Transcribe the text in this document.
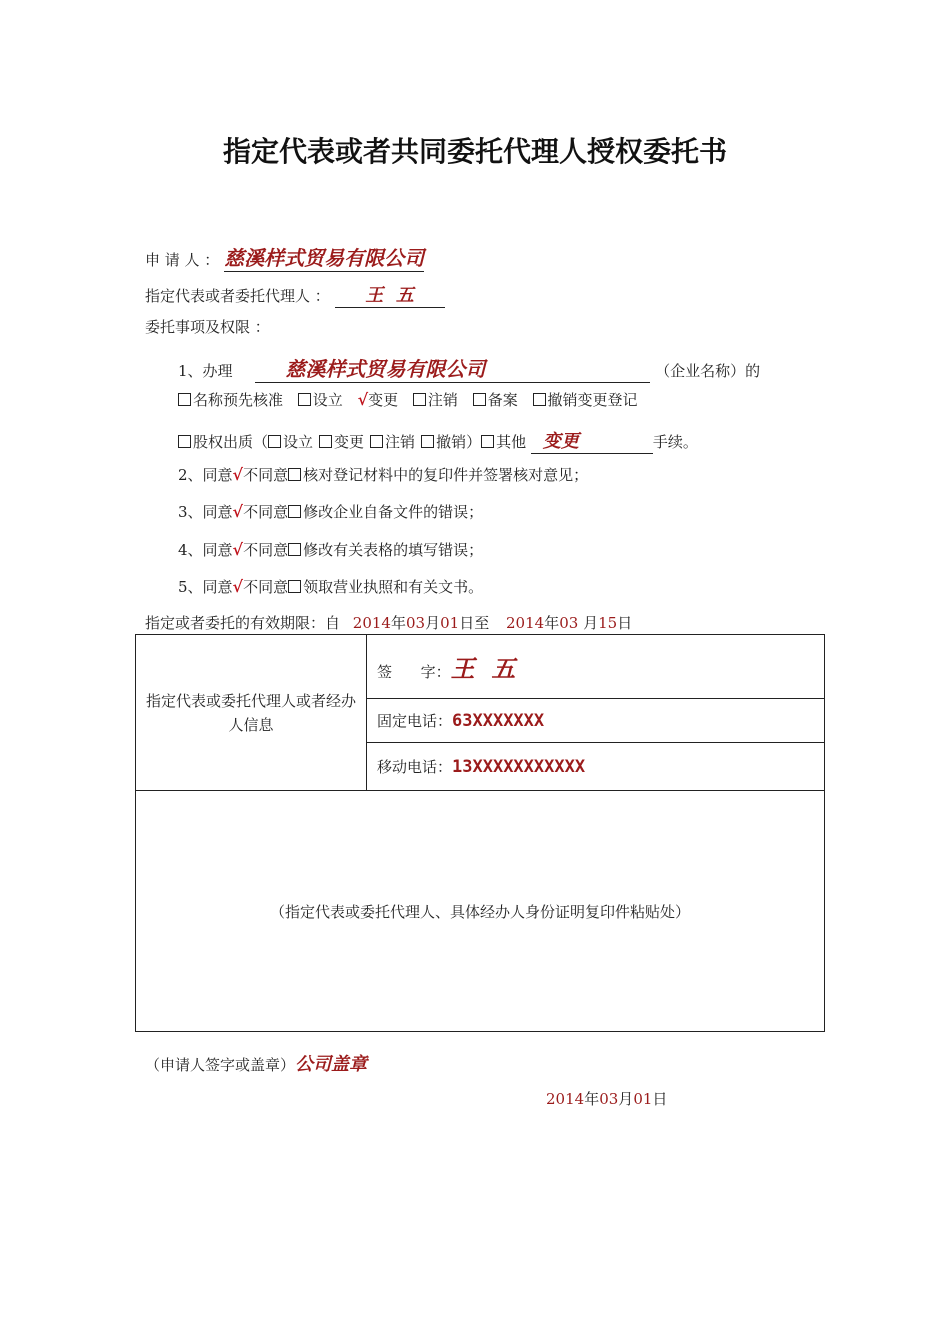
指定代表或者共同委托代理人授权委托书
申 请 人 ： 慈溪样式贸易有限公司
指定代表或者委托代理人 ： 王  五
委托事项及权限 ：
1、办理	慈溪样式贸易有限公司	（企业名称）的
名称预先核准 设立 √变更 注销 备案 撤销变更登记
股权出质（ 设立 变更 注销 撤销） 其他 变更	手续。
2、同意√不同意 核对登记材料中的复印件并签署核对意见；
3、同意√不同意 修改企业自备文件的错误；
4、同意√不同意 修改有关表格的填写错误；
5、同意√不同意 领取营业执照和有关文书。
指定或者委托的有效期限：自 2014年03月01日至 2014年03 月15日
指定代表或委托代理人或者经办人信息	签      字：王  五
固定电话：63XXXXXXX
移动电话：13XXXXXXXXXXX
（指定代表或委托代理人、具体经办人身份证明复印件粘贴处）
（申请人签字或盖章）公司盖章
2014年03月01日
